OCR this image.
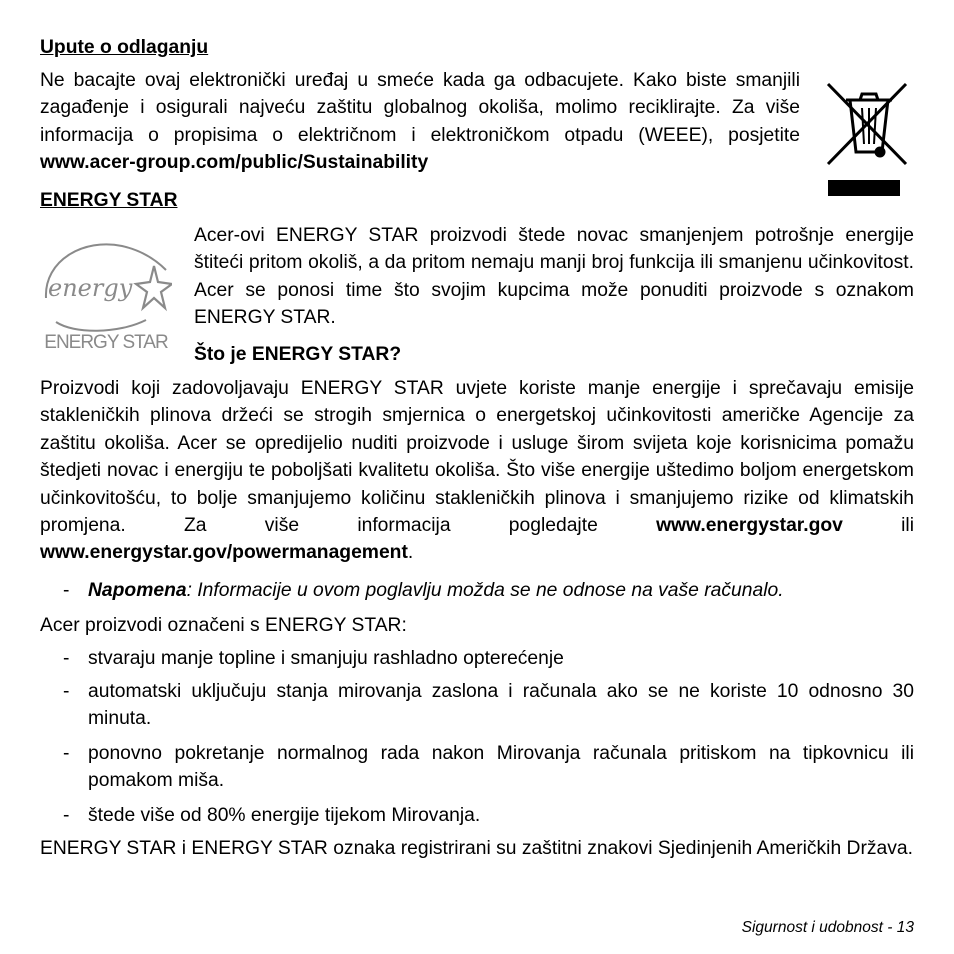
Upute o odlaganju
Ne bacajte ovaj elektronički uređaj u smeće kada ga odbacujete. Kako biste smanjili zagađenje i osigurali najveću zaštitu globalnog okoliša, molimo reciklirajte. Za više informacija o propisima o električnom i elektroničkom otpadu (WEEE), posjetite www.acer-group.com/public/Sustainability
ENERGY STAR
energy
ENERGY STAR
Acer-ovi ENERGY STAR proizvodi štede novac smanjenjem potrošnje energije štiteći pritom okoliš, a da pritom nemaju manji broj funkcija ili smanjenu učinkovitost. Acer se ponosi time što svojim kupcima može ponuditi proizvode s oznakom ENERGY STAR.
Što je ENERGY STAR?
Proizvodi koji zadovoljavaju ENERGY STAR uvjete koriste manje energije i sprečavaju emisije stakleničkih plinova držeći se strogih smjernica o energetskoj učinkovitosti američke Agencije za zaštitu okoliša. Acer se opredijelio nuditi proizvode i usluge širom svijeta koje korisnicima pomažu štedjeti novac i energiju te poboljšati kvalitetu okoliša. Što više energije uštedimo boljom energetskom učinkovitošću, to bolje smanjujemo količinu stakleničkih plinova i smanjujemo rizike od klimatskih promjena. Za više informacija pogledajte	www.energystar.gov	ili www.energystar.gov/powermanagement.
- Napomena: Informacije u ovom poglavlju možda se ne odnose na vaše računalo.
Acer proizvodi označeni s ENERGY STAR:
- stvaraju manje topline i smanjuju rashladno opterećenje
- automatski uključuju stanja mirovanja zaslona i računala ako se ne koriste 10 odnosno 30 minuta.
- ponovno pokretanje normalnog rada nakon Mirovanja računala pritiskom na tipkovnicu ili pomakom miša.
- štede više od 80% energije tijekom Mirovanja.
ENERGY STAR i ENERGY STAR oznaka registrirani su zaštitni znakovi Sjedinjenih Američkih Država.
Sigurnost i udobnost - 13
